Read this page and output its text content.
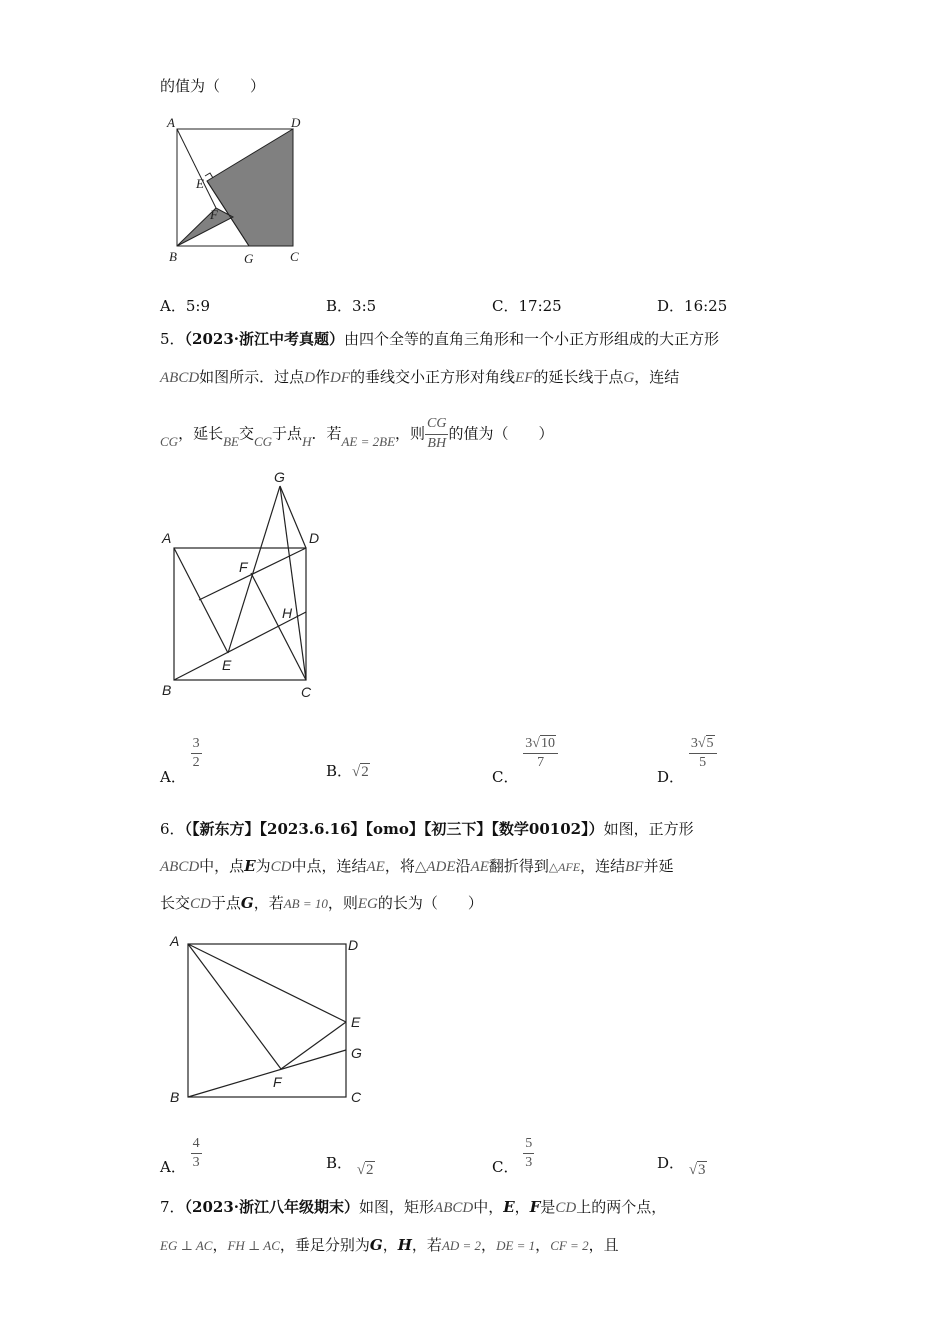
的值为（　　）
A	D
E
F
B	G	C
A．5:9	B．3:5	C．17:25	D．16:25
5．（2023·浙江中考真题）由四个全等的直角三角形和一个小正方形组成的大正方形
ABCD如图所示．过点D作DF的垂线交小正方形对角线EF的延长线于点G，连结
CG，延长BE交CG于点H．若AE = 2BE，则 $\frac{CG}{BH}$ 的值为（　　）
G
A	D
F
H
E
B	C
A．
$\frac{3}{2}$	B．√2	C．
$\frac{3√10}{7}$
D．
$\frac{3√5}{5}$
6．（【新东方】【2023.6.16】【omo】【初三下】【数学00102】）如图，正方形
ABCD中，点E为CD中点，连结AE，将△ADE沿AE翻折得到△AFE，连结BF并延
长交CD于点G，若AB = 10，则EG的长为（　　）
A	D
E
G
F
B	C
A． $\frac{4}{3}$	B． √2	C． $\frac{5}{3}$	D． √3
7．（2023·浙江八年级期末）如图，矩形ABCD中，E，F是CD上的两个点，
EG ⊥ AC，FH ⊥ AC，垂足分别为G，H，若AD = 2，DE = 1，CF = 2，且
